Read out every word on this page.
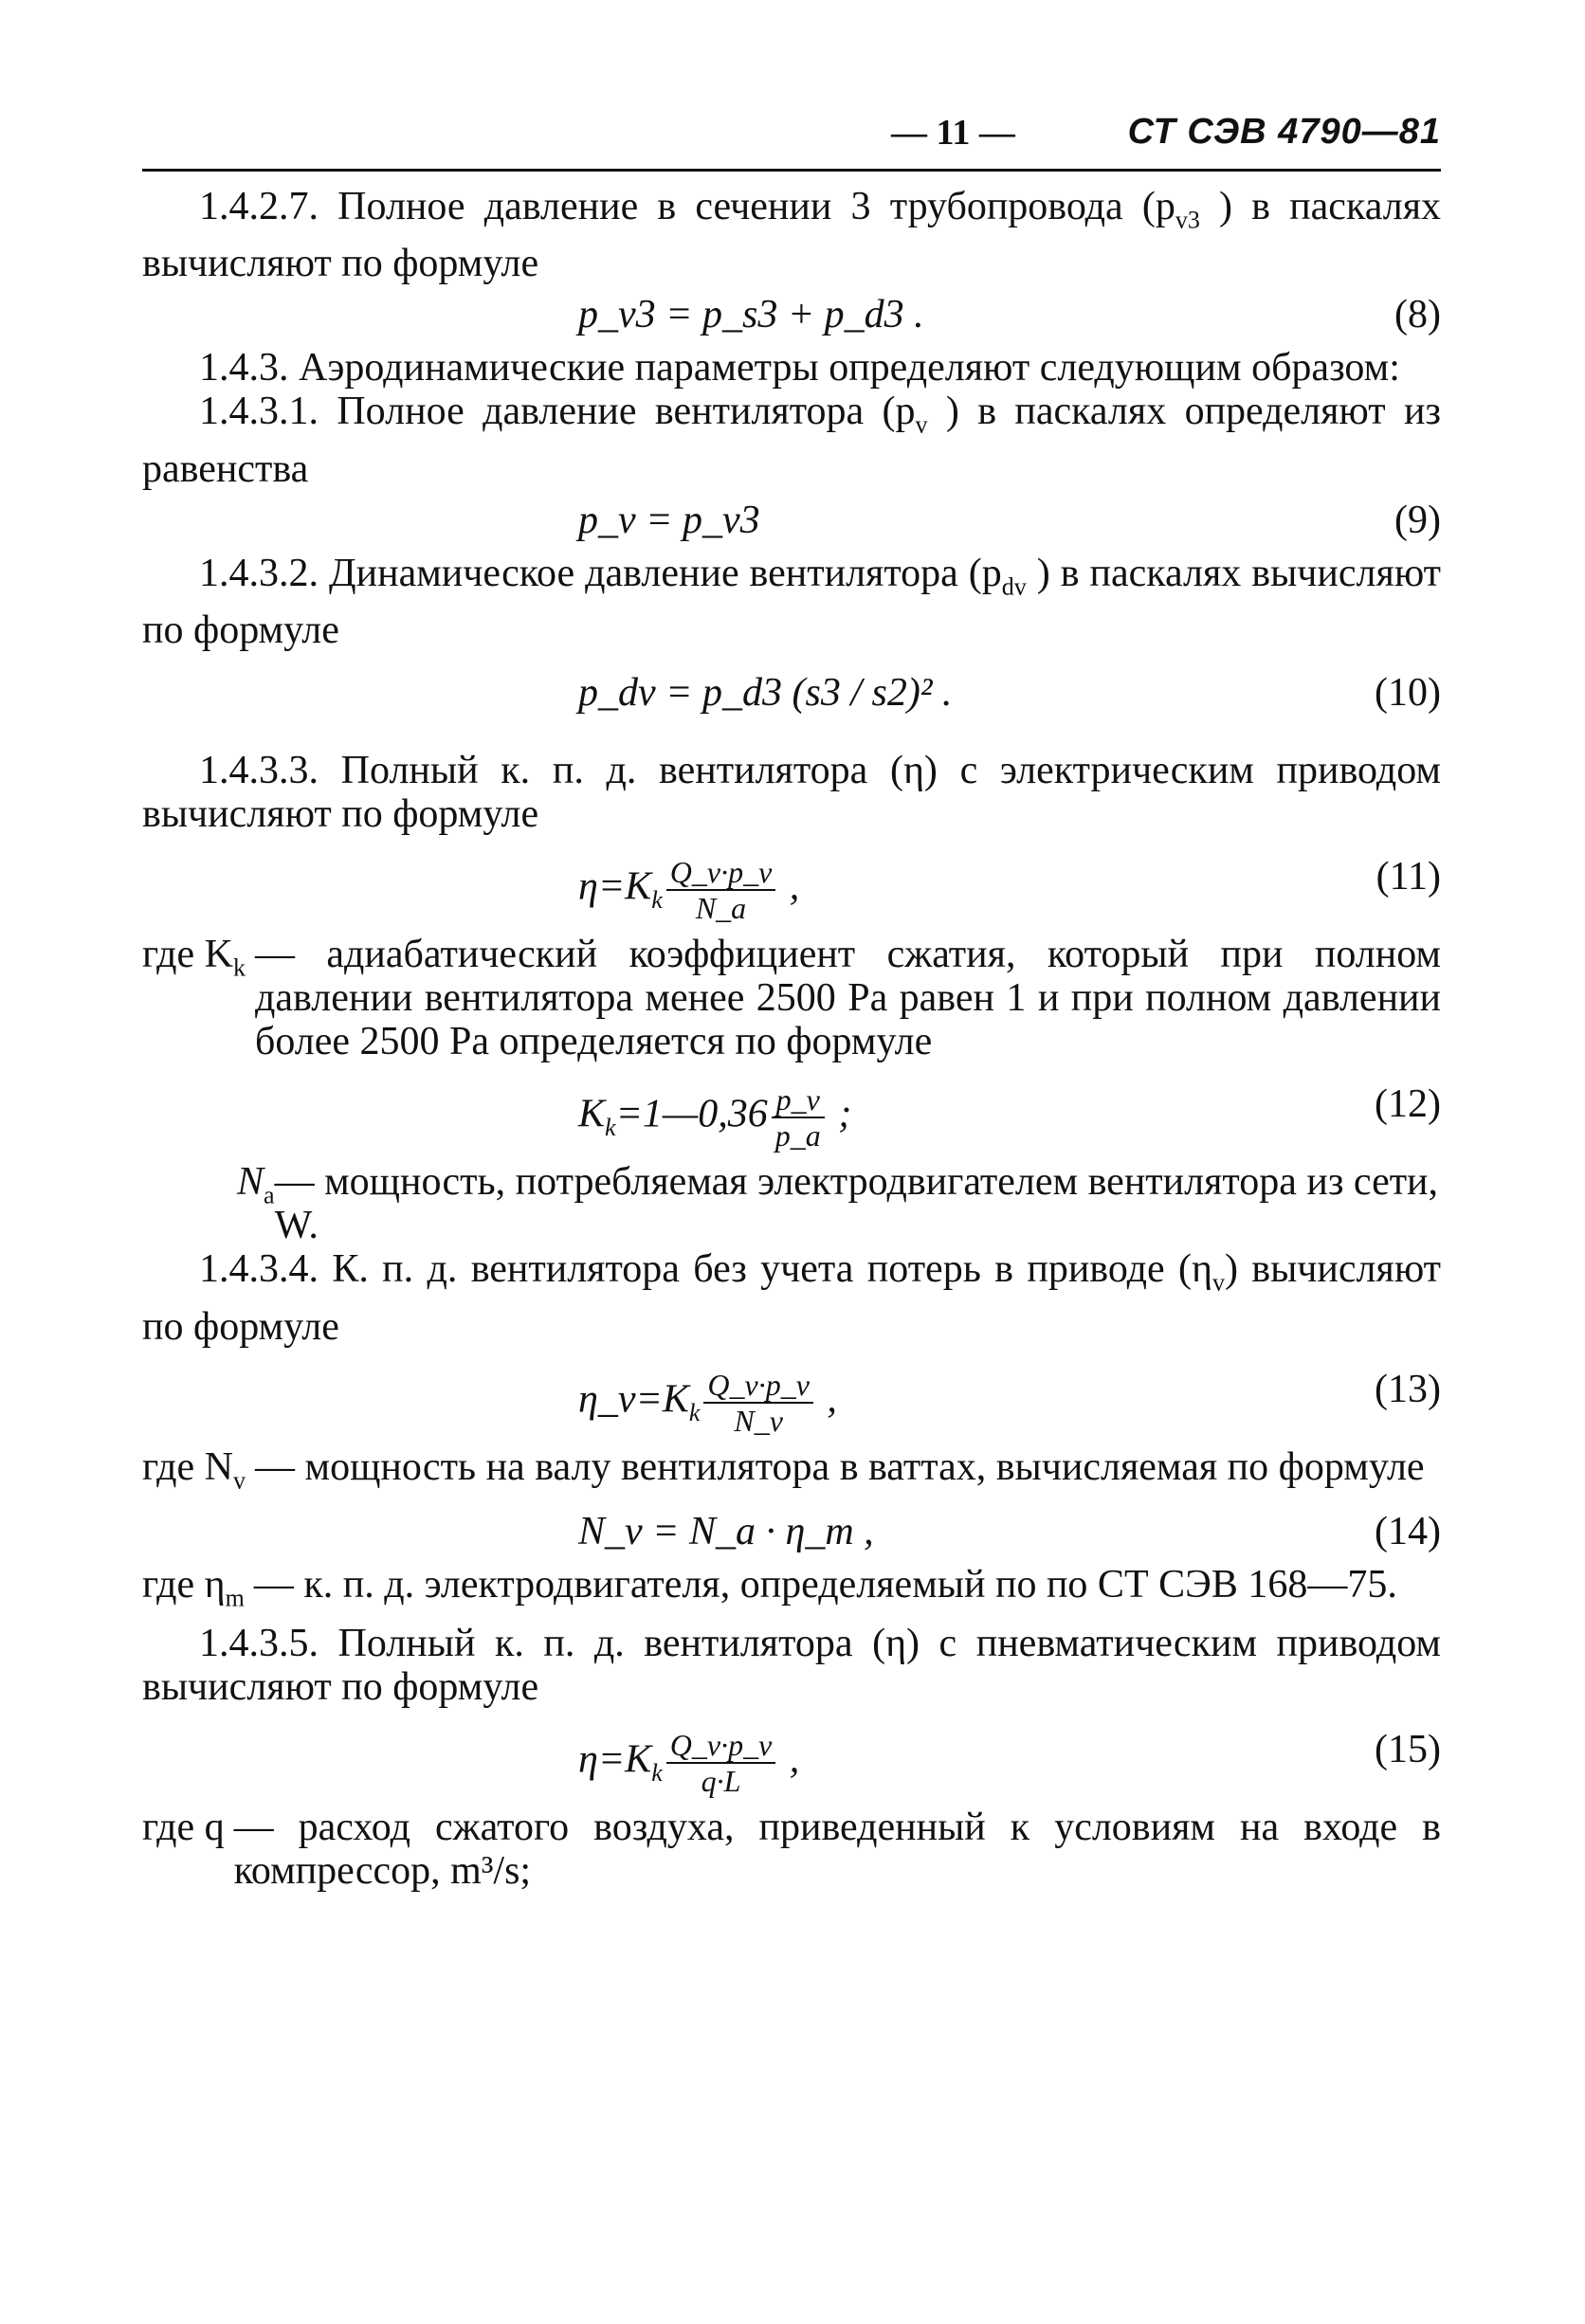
— 11 —	СТ СЭВ 4790—81

1.4.2.7. Полное давление в сечении 3 трубопровода ($p_{v3}$ ) в паскалях вычисляют по формуле

p_v3 = p_s3 + p_d3 .	(8)

1.4.3. Аэродинамические параметры определяют следующим образом:

1.4.3.1. Полное давление вентилятора ($p_v$ ) в паскалях определяют из равенства

p_v = p_v3	(9)

1.4.3.2. Динамическое давление вентилятора ($p_{dv}$ ) в паскалях вычисляют по формуле

p_dv = p_d3 (s3 / s2)² .	(10)

1.4.3.3. Полный к. п. д. вентилятора (η) с электрическим приводом вычисляют по формуле

$\eta=K_k \frac{Q\_v\cdot p\_v}{N\_a}$ ,	(11)
где $K_k$ — адиабатический коэффициент сжатия, который при полном давлении вентилятора менее 2500 Pa равен 1 и при полном давлении более 2500 Pa определяется по формуле
$K_k=1—0,36 \frac{p\_v}{p\_a}$ ;	(12)
$N_a$ — мощность, потребляемая электродвигателем вентилятора из сети, W.

1.4.3.4. К. п. д. вентилятора без учета потерь в приводе $(\eta_v)$ вычисляют по формуле

$\eta\_v=K_k \frac{Q\_v\cdot p\_v}{N\_v}$ ,	(13)
где $N_v$ — мощность на валу вентилятора в ваттах, вычисляемая по формуле
N_v = N_a · η_m ,	(14)
где $\eta_m$ — к. п. д. электродвигателя, определяемый по по СТ СЭВ 168—75.

1.4.3.5. Полный к. п. д. вентилятора (η) с пневматическим приводом вычисляют по формуле

$\eta=K_k \frac{Q\_v\cdot p\_v}{q\cdot L}$ ,	(15)
где q — расход сжатого воздуха, приведенный к условиям на входе в компрессор, m³/s;
